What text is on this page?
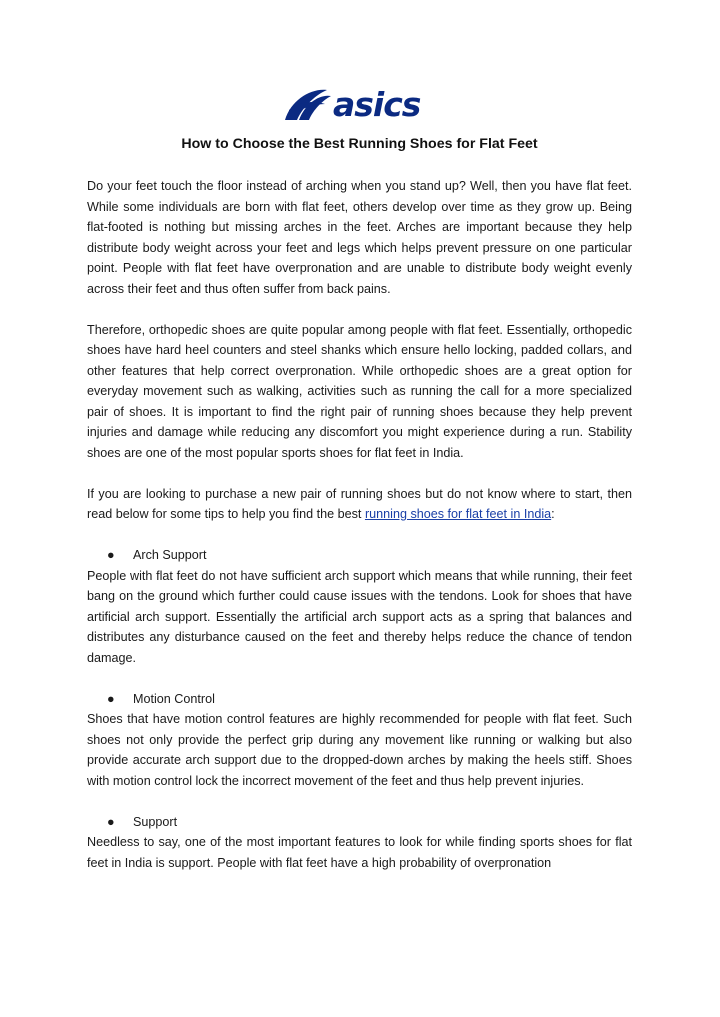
asics
How to Choose the Best Running Shoes for Flat Feet

Do your feet touch the floor instead of arching when you stand up? Well, then you have flat feet. While some individuals are born with flat feet, others develop over time as they grow up. Being flat-footed is nothing but missing arches in the feet. Arches are important because they help distribute body weight across your feet and legs which helps prevent pressure on one particular point. People with flat feet have overpronation and are unable to distribute body weight evenly across their feet and thus often suffer from back pains.

Therefore, orthopedic shoes are quite popular among people with flat feet. Essentially, orthopedic shoes have hard heel counters and steel shanks which ensure hello locking, padded collars, and other features that help correct overpronation. While orthopedic shoes are a great option for everyday movement such as walking, activities such as running the call for a more specialized pair of shoes. It is important to find the right pair of running shoes because they help prevent injuries and damage while reducing any discomfort you might experience during a run. Stability shoes are one of the most popular sports shoes for flat feet in India.

If you are looking to purchase a new pair of running shoes but do not know where to start, then read below for some tips to help you find the best running shoes for flat feet in India:

● Arch Support

People with flat feet do not have sufficient arch support which means that while running, their feet bang on the ground which further could cause issues with the tendons. Look for shoes that have artificial arch support. Essentially the artificial arch support acts as a spring that balances and distributes any disturbance caused on the feet and thereby helps reduce the chance of tendon damage.

● Motion Control

Shoes that have motion control features are highly recommended for people with flat feet. Such shoes not only provide the perfect grip during any movement like running or walking but also provide accurate arch support due to the dropped-down arches by making the heels stiff. Shoes with motion control lock the incorrect movement of the feet and thus help prevent injuries.

● Support

Needless to say, one of the most important features to look for while finding sports shoes for flat feet in India is support. People with flat feet have a high probability of overpronation
